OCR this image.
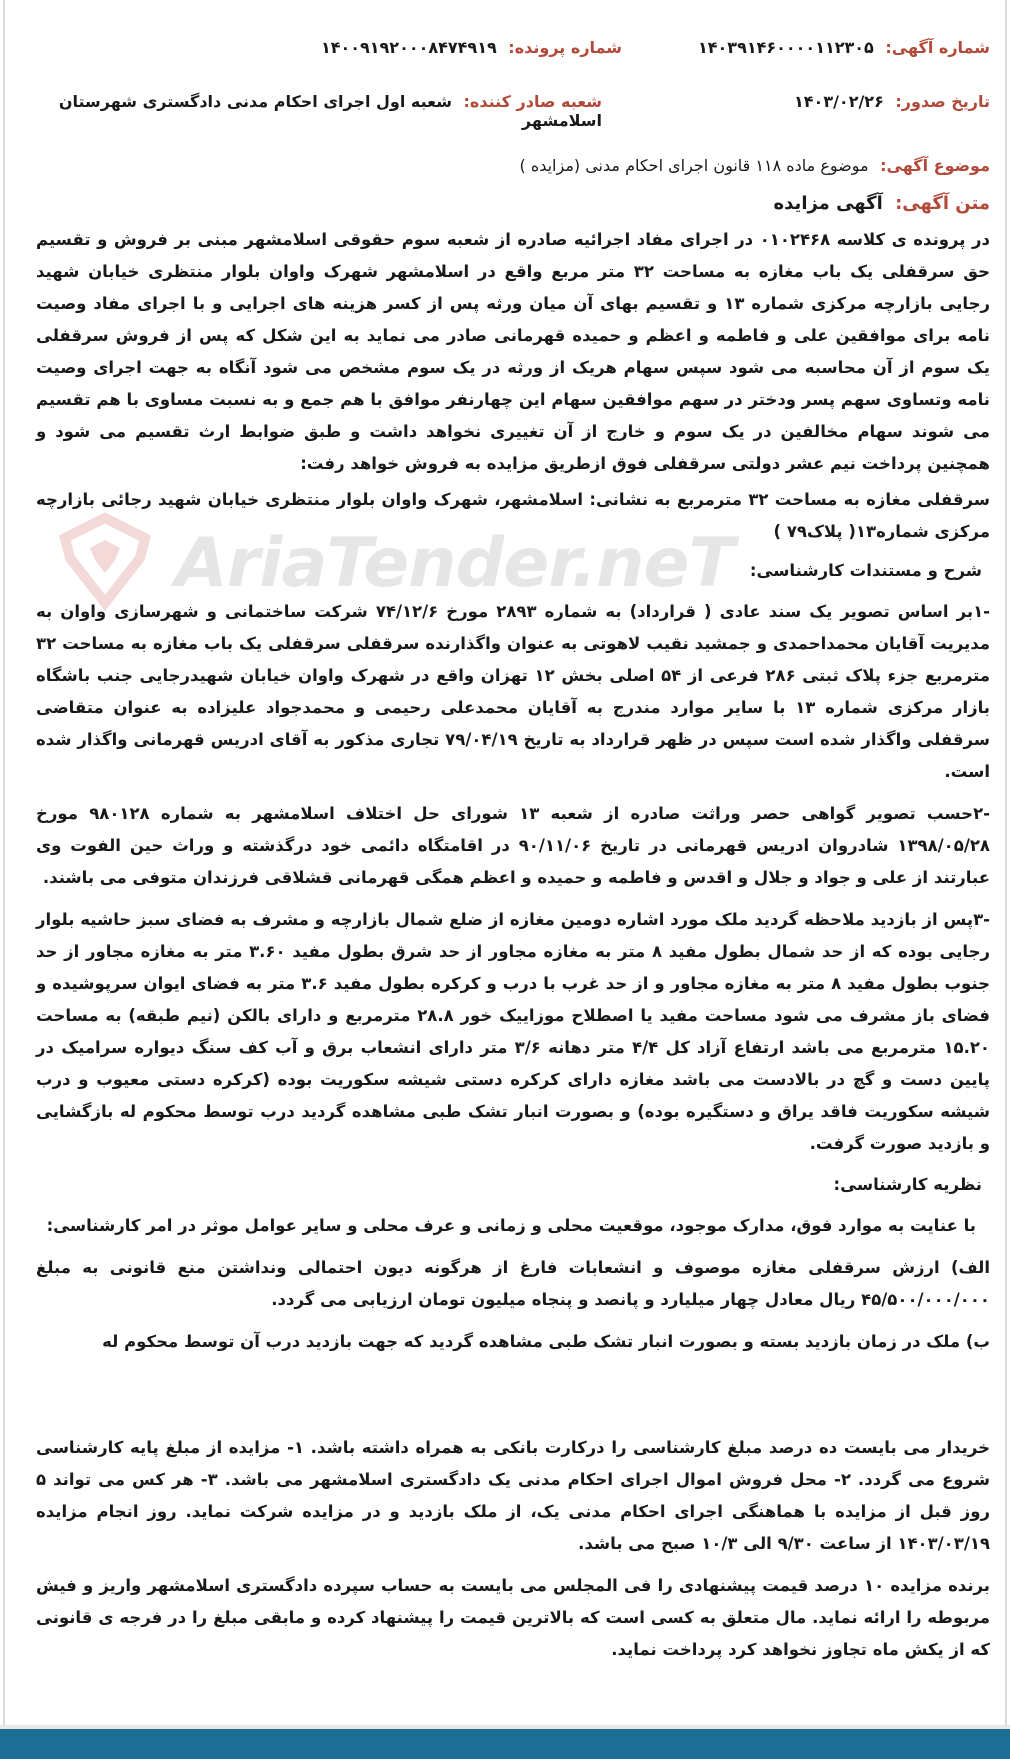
AriaTender.neT
شماره آگهی: ۱۴۰۳۹۱۴۶۰۰۰۰۱۱۲۳۰۵
شماره پرونده: ۱۴۰۰۹۱۹۲۰۰۰۸۴۷۴۹۱۹
تاریخ صدور: ۱۴۰۳/۰۲/۲۶
شعبه صادر کننده: شعبه اول اجرای احکام مدنی دادگستری شهرستان اسلامشهر
موضوع آگهی: موضوع ماده ۱۱۸ قانون اجرای احکام مدنی (مزایده )
متن آگهی: آگهی مزایده

در پرونده ی کلاسه ۰۱۰۲۴۶۸ در اجرای مفاد اجرائیه صادره از شعبه سوم حقوقی اسلامشهر مبنی بر فروش و تقسیم حق سرقفلی یک باب مغازه به مساحت ۳۲ متر مربع واقع در اسلامشهر شهرک واوان بلوار منتظری خیابان شهید رجایی بازارچه مرکزی شماره ۱۳ و تقسیم بهای آن میان ورثه پس از کسر هزینه های اجرایی و با اجرای مفاد وصیت نامه برای موافقین علی و فاطمه و اعظم و حمیده قهرمانی صادر می نماید به این شکل که پس از فروش سرقفلی یک سوم از آن محاسبه می شود سپس سهام هریک از ورثه در یک سوم مشخص می شود آنگاه به جهت اجرای وصیت نامه وتساوی سهم پسر ودختر در سهم موافقین سهام این چهارنفر موافق با هم جمع و به نسبت مساوی با هم تقسیم می شوند سهام مخالفین در یک سوم و خارج از آن تغییری نخواهد داشت و طبق ضوابط ارث تقسیم می شود و همچنین پرداخت نیم عشر دولتی سرقفلی فوق ازطریق مزایده به فروش خواهد رفت:

سرقفلی مغازه به مساحت ۳۲ مترمربع به نشانی: اسلامشهر، شهرک واوان بلوار منتظری خیابان شهید رجائی بازارچه مرکزی شماره۱۳( پلاک۷۹ )

شرح و مستندات کارشناسی:

-۱بر اساس تصویر یک سند عادی ( قرارداد) به شماره ۲۸۹۳ مورخ ۷۴/۱۲/۶ شرکت ساختمانی و شهرسازی واوان به مدیریت آقایان محمداحمدی و جمشید نقیب لاهوتی به عنوان واگذارنده سرقفلی سرقفلی یک باب مغازه به مساحت ۳۲ مترمربع جزء پلاک ثبتی ۲۸۶ فرعی از ۵۴ اصلی بخش ۱۲ تهزان واقع در شهرک واوان خیابان شهیدرجایی جنب باشگاه بازار مرکزی شماره ۱۳ با سایر موارد مندرج به آقایان محمدعلی رحیمی و محمدجواد علیزاده به عنوان متقاضی سرقفلی واگذار شده است سپس در ظهر قرارداد به تاریخ ۷۹/۰۴/۱۹ تجاری مذکور به آقای ادریس قهرمانی واگذار شده است.

-۲حسب تصویر گواهی حصر وراثت صادره از شعبه ۱۳ شورای حل اختلاف اسلامشهر به شماره ۹۸۰۱۲۸ مورخ ۱۳۹۸/۰۵/۲۸ شادروان ادریس قهرمانی در تاریخ ۹۰/۱۱/۰۶ در اقامتگاه دائمی خود درگذشته و وراث حین الفوت وی عبارتند از علی و جواد و جلال و اقدس و فاطمه و حمیده و اعظم همگی قهرمانی قشلاقی فرزندان متوفی می باشند.

-۳پس از بازدید ملاحظه گردید ملک مورد اشاره دومین مغازه از ضلع شمال بازارچه و مشرف به فضای سبز حاشیه بلوار رجایی بوده که از حد شمال بطول مفید ۸ متر به مغازه مجاور از حد شرق بطول مفید ۳.۶۰ متر به مغازه مجاور از حد جنوب بطول مفید ۸ متر به مغازه مجاور و از حد غرب با درب و کرکره بطول مفید ۳.۶ متر به فضای ایوان سرپوشیده و فضای باز مشرف می شود مساحت مفید یا اصطلاح موزاییک خور ۲۸.۸ مترمربع و دارای بالکن (نیم طبقه) به مساحت ۱۵.۲۰ مترمربع می باشد ارتفاع آزاد کل ۴/۴ متر دهانه ۳/۶ متر دارای انشعاب برق و آب کف سنگ دیواره سرامیک در پایین دست و گچ در بالادست می باشد مغازه دارای کرکره دستی شیشه سکوریت بوده (کرکره دستی معیوب و درب شیشه سکوریت فاقد یراق و دستگیره بوده) و بصورت انبار تشک طبی مشاهده گردید درب توسط محکوم له بازگشایی و بازدید صورت گرفت.

نظریه کارشناسی:

با عنایت به موارد فوق، مدارک موجود، موقعیت محلی و زمانی و عرف محلی و سایر عوامل موثر در امر کارشناسی:

الف) ارزش سرقفلی مغازه موصوف و انشعابات فارغ از هرگونه دیون احتمالی ونداشتن منع قانونی به مبلغ ۴۵/۵۰۰/۰۰۰/۰۰۰ ریال معادل چهار میلیارد و پانصد و پنجاه میلیون تومان ارزیابی می گردد.

ب) ملک در زمان بازدید بسته و بصورت انبار تشک طبی مشاهده گردید که جهت بازدید درب آن توسط محکوم له

خریدار می بایست ده درصد مبلغ کارشناسی را درکارت بانکی به همراه داشته باشد. ۱- مزایده از مبلغ پایه کارشناسی شروع می گردد. ۲- محل فروش اموال اجرای احکام مدنی یک دادگستری اسلامشهر می باشد. ۳- هر کس می تواند ۵ روز قبل از مزایده با هماهنگی اجرای احکام مدنی یک، از ملک بازدید و در مزایده شرکت نماید. روز انجام مزایده ۱۴۰۳/۰۳/۱۹ از ساعت ۹/۳۰ الی ۱۰/۳ صبح می باشد.

برنده مزایده ۱۰ درصد قیمت پیشنهادی را فی المجلس می بایست به حساب سپرده دادگستری اسلامشهر واریز و فیش مربوطه را ارائه نماید. مال متعلق به کسی است که بالاترین قیمت را پیشنهاد کرده و مابقی مبلغ را در فرجه ی قانونی که از یکش ماه تجاوز نخواهد کرد پرداخت نماید.
